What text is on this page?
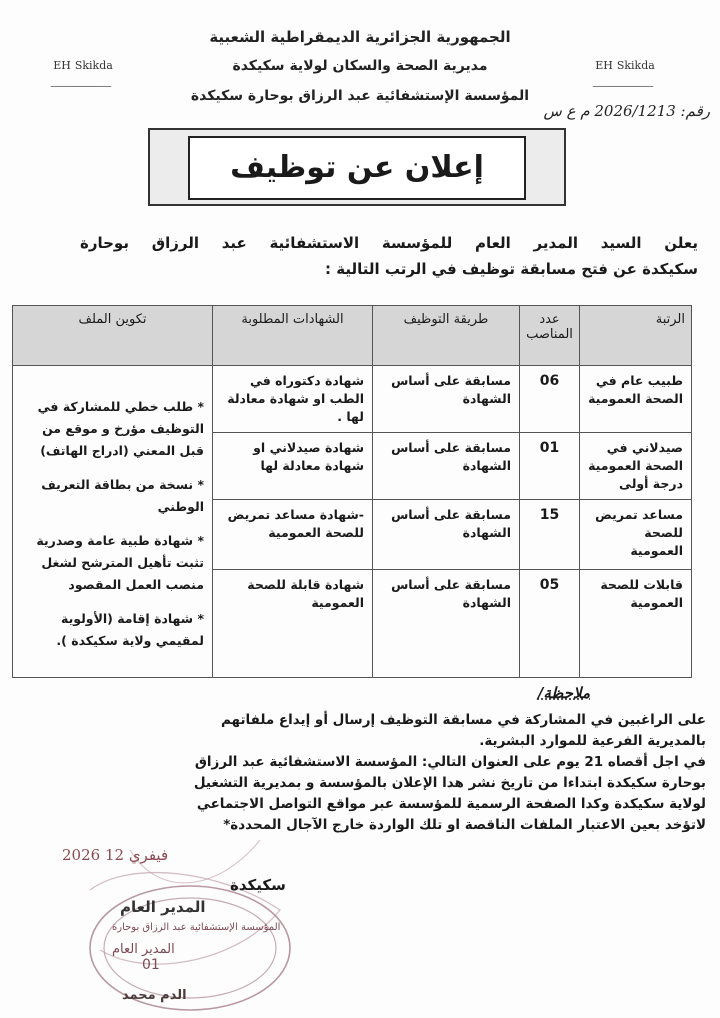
الجمهورية الجزائرية الديمقراطية الشعبية
مديرية الصحة والسكان لولاية سكيكدة
المؤسسة الإستشفائية عبد الرزاق بوحارة سكيكدة
EH Skikda
━━━━━━━━━━━━━━━━━━━━
EH Skikda
━━━━━━━━━━━━━━━━━━━━
رقم: 2026/1213 م ع س
إعلان عن توظيف

يعلن السيد المدير العام للمؤسسة الاستشفائية عبد الرزاق بوحارة

سكيكدة عن فتح مسابقة توظيف في الرتب التالية :

الرتبة	عدد المناصب	طريقة التوظيف	الشهادات المطلوبة	تكوين الملف
طبيب عام في الصحة العمومية	06	مسابقة على أساس الشهادة	شهادة دكتوراه في الطب او شهادة معادلة لها .	* طلب خطي للمشاركة في التوظيف مؤرخ و موقع من قبل المعني (ادراج الهاتف)
* نسخة من بطاقة التعريف الوطني
* شهادة طبية عامة وصدرية تثبت تأهيل المترشح لشغل منصب العمل المقصود
* شهادة إقامة (الأولوية لمقيمي ولاية سكيكدة ).

صيدلاني في الصحة العمومية درجة أولى	01	مسابقة على أساس الشهادة	شهادة صيدلاني او شهادة معادلة لها	
مساعد تمريض للصحة العمومية	15	مسابقة على أساس الشهادة	-شهادة مساعد تمريض للصحة العمومية	
قابلات للصحة العمومية	05	مسابقة على أساس الشهادة	شهادة قابلة للصحة العمومية	
ملاحظة/

على الراغبين في المشاركة في مسابقة التوظيف إرسال أو إيداع ملفاتهم بالمديرية الفرعية للموارد البشرية.

في اجل أقصاه 21 يوم على العنوان التالي: المؤسسة الاستشفائية عبد الرزاق بوحارة سكيكدة ابتداءا من تاريخ نشر هدا الإعلان بالمؤسسة و بمديرية التشغيل لولاية سكيكدة وكدا الصفحة الرسمية للمؤسسة عبر مواقع التواصل الاجتماعي

لاتؤخد بعين الاعتبار الملفات الناقصة او تلك الواردة خارج الآجال المحددة*

2026 فيفري 12
سكيكدة
المدير العام
المؤسسة الإستشفائية عبد الرزاق بوحارة
المدير العام
01
الدم محمد
